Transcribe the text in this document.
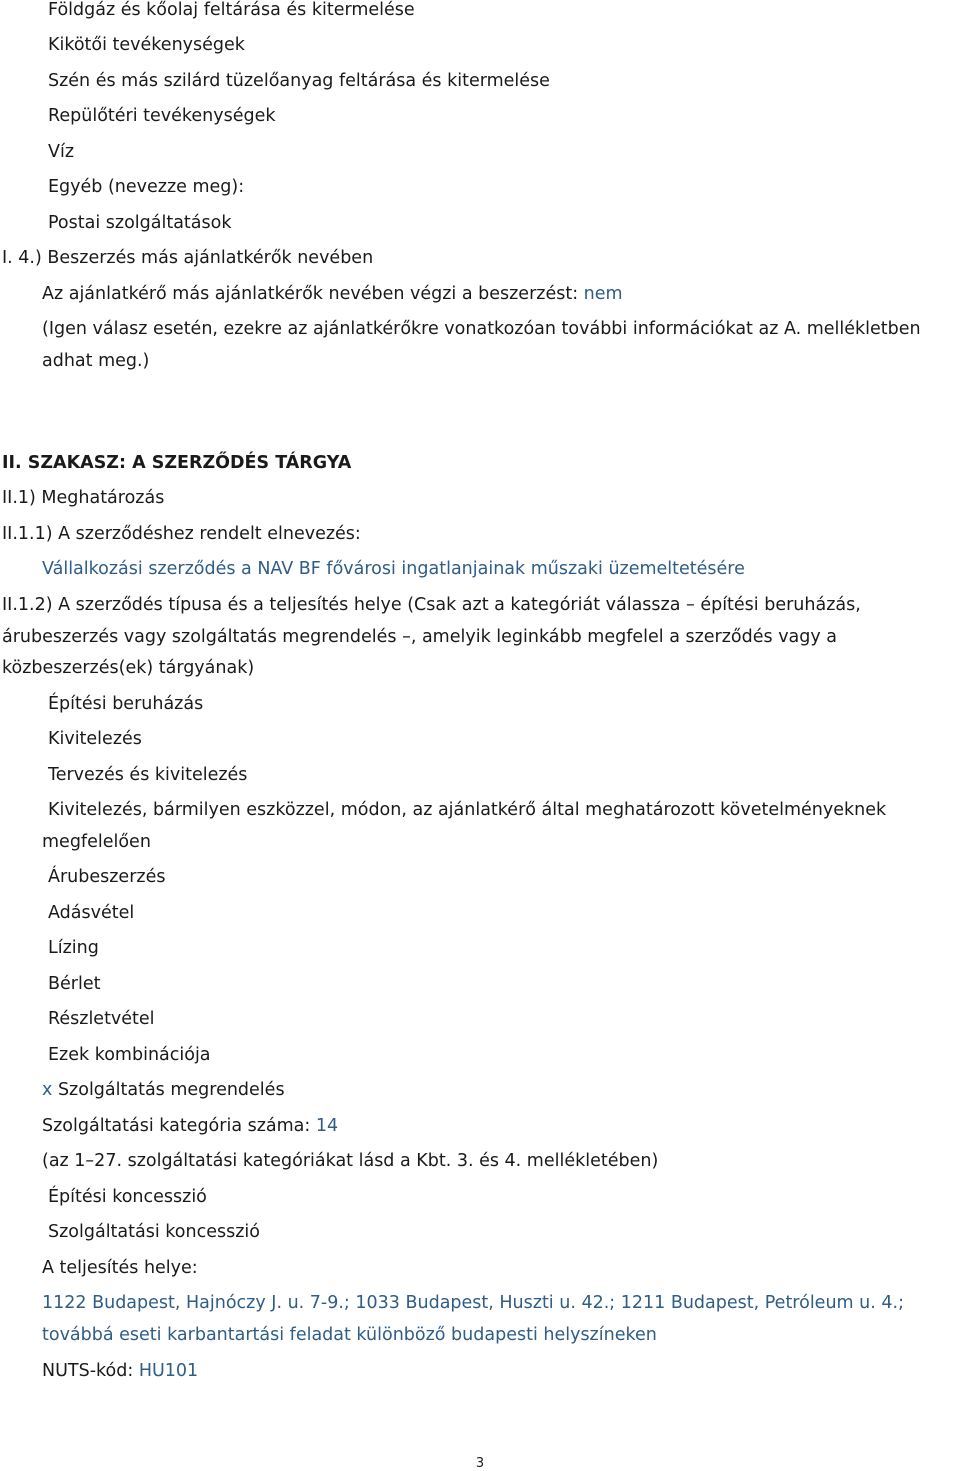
Földgáz és kőolaj feltárása és kitermelése
Kikötői tevékenységek
Szén és más szilárd tüzelőanyag feltárása és kitermelése
Repülőtéri tevékenységek
Víz
Egyéb (nevezze meg):
Postai szolgáltatások
I. 4.) Beszerzés más ajánlatkérők nevében
Az ajánlatkérő más ajánlatkérők nevében végzi a beszerzést: nem
(Igen válasz esetén, ezekre az ajánlatkérőkre vonatkozóan további információkat az A. mellékletben
adhat meg.)
II. SZAKASZ: A SZERZŐDÉS TÁRGYA
II.1) Meghatározás
II.1.1) A szerződéshez rendelt elnevezés:
Vállalkozási szerződés a NAV BF fővárosi ingatlanjainak műszaki üzemeltetésére
II.1.2) A szerződés típusa és a teljesítés helye (Csak azt a kategóriát válassza – építési beruházás,
árubeszerzés vagy szolgáltatás megrendelés –, amelyik leginkább megfelel a szerződés vagy a
közbeszerzés(ek) tárgyának)
Építési beruházás
Kivitelezés
Tervezés és kivitelezés
Kivitelezés, bármilyen eszközzel, módon, az ajánlatkérő által meghatározott követelményeknek
megfelelően
Árubeszerzés
Adásvétel
Lízing
Bérlet
Részletvétel
Ezek kombinációja
x Szolgáltatás megrendelés
Szolgáltatási kategória száma: 14
(az 1–27. szolgáltatási kategóriákat lásd a Kbt. 3. és 4. mellékletében)
Építési koncesszió
Szolgáltatási koncesszió
A teljesítés helye:
1122 Budapest, Hajnóczy J. u. 7-9.; 1033 Budapest, Huszti u. 42.; 1211 Budapest, Petróleum u. 4.;
továbbá eseti karbantartási feladat különböző budapesti helyszíneken
NUTS-kód: HU101
3
